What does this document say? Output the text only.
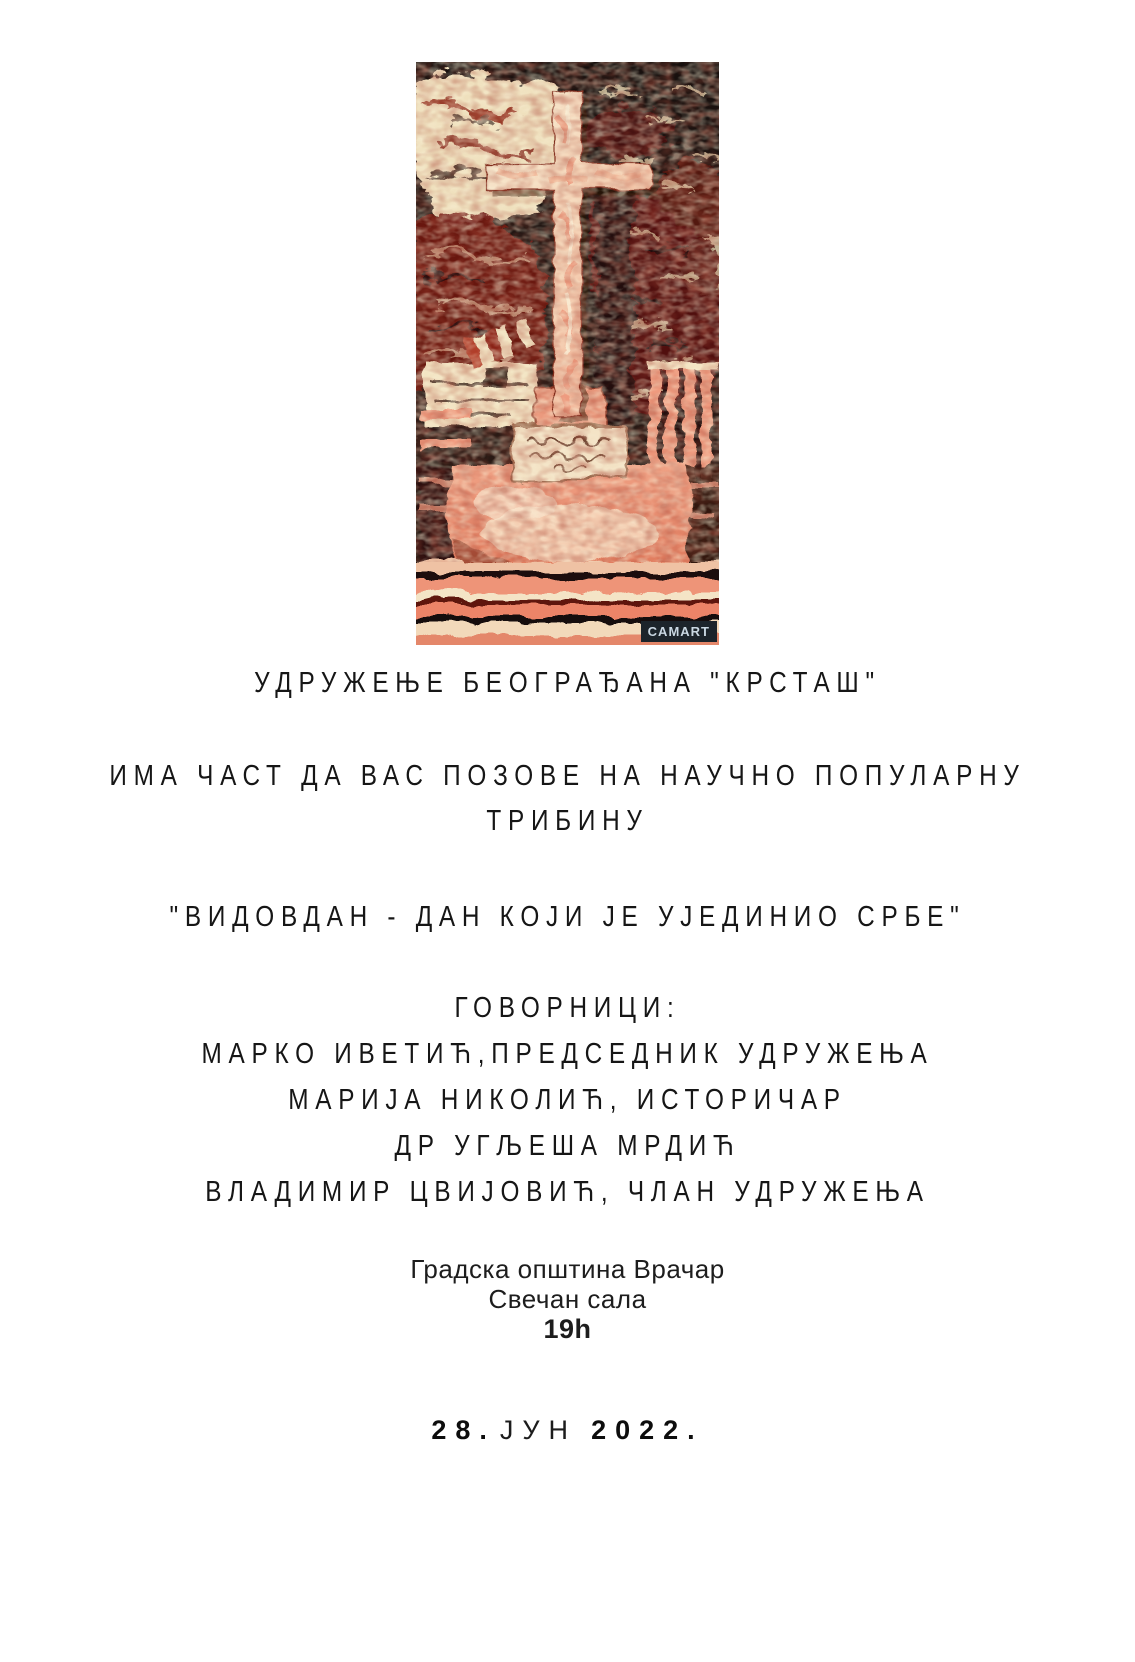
CAMART
УДРУЖЕЊЕ БЕОГРАЂАНА "КРСТАШ"
ИМА ЧАСТ ДА ВАС ПОЗОВЕ НА НАУЧНО ПОПУЛАРНУ
ТРИБИНУ
"ВИДОВДАН - ДАН КОЈИ ЈЕ УЈЕДИНИО СРБЕ"
ГОВОРНИЦИ:
МАРКО ИВЕТИЋ,ПРЕДСЕДНИК УДРУЖЕЊА
МАРИЈА НИКОЛИЋ, ИСТОРИЧАР
ДР УГЉЕША МРДИЋ
ВЛАДИМИР ЦВИЈОВИЋ, ЧЛАН УДРУЖЕЊА
Градска општина Врачар
Свечан сала
19h
28. ЈУН 2022.
